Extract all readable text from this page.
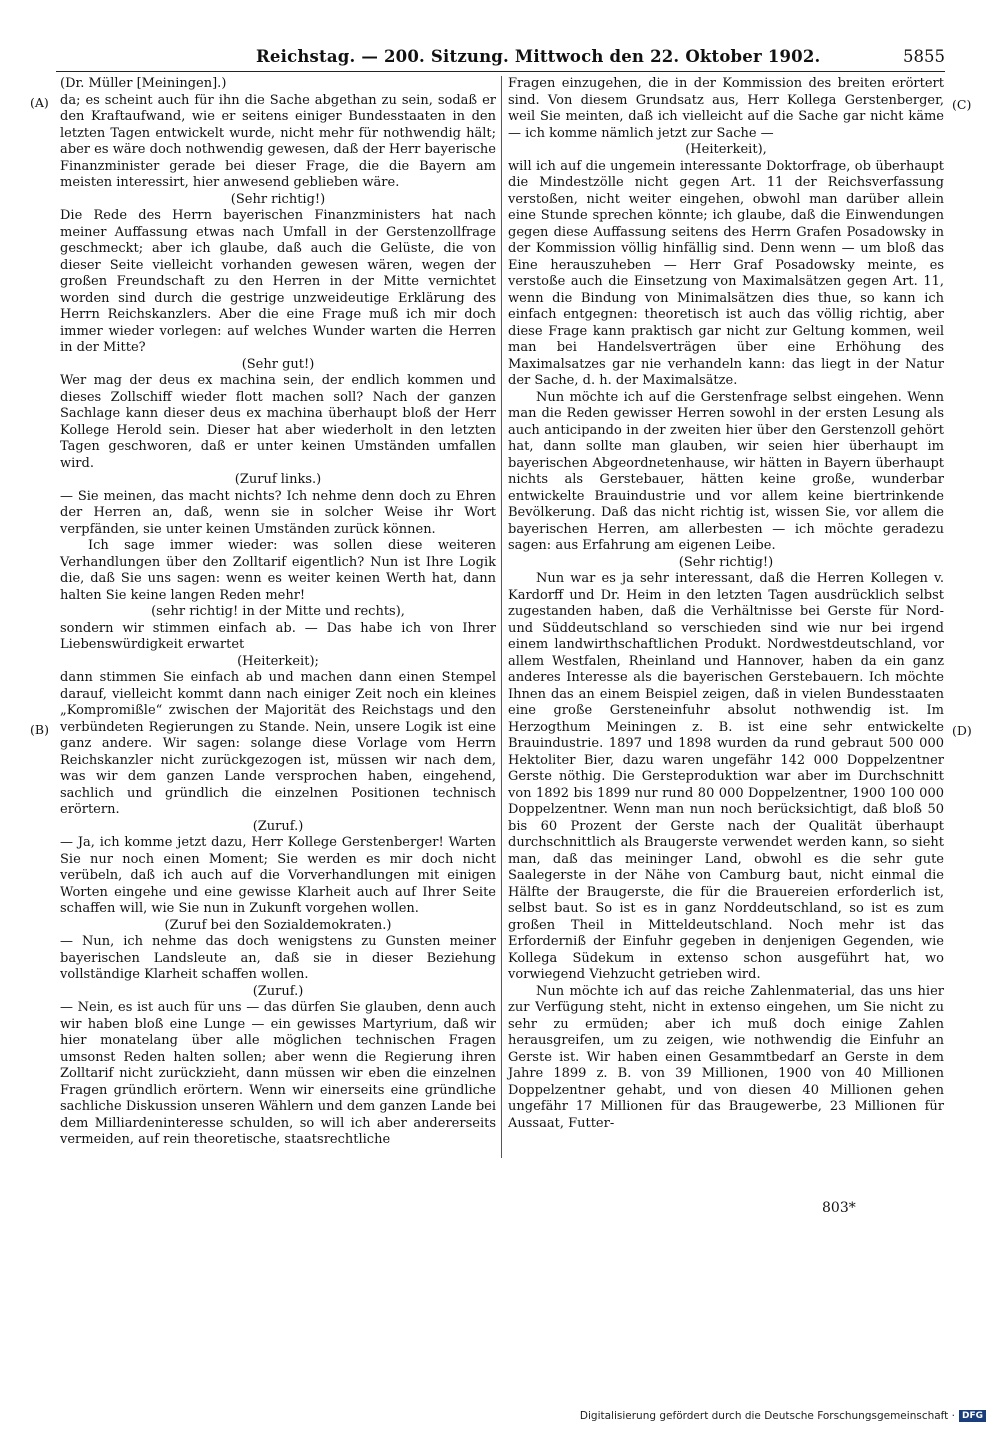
Reichstag. — 200. Sitzung. Mittwoch den 22. Oktober 1902.	5855
(A)
(B)
(C)
(D)

(Dr. Müller [Meiningen].)

da; es scheint auch für ihn die Sache abgethan zu sein, sodaß er den Kraftaufwand, wie er seitens einiger Bundesstaaten in den letzten Tagen entwickelt wurde, nicht mehr für nothwendig hält; aber es wäre doch nothwendig gewesen, daß der Herr bayerische Finanzminister gerade bei dieser Frage, die die Bayern am meisten interessirt, hier anwesend geblieben wäre.

(Sehr richtig!)

Die Rede des Herrn bayerischen Finanzministers hat nach meiner Auffassung etwas nach Umfall in der Gerstenzollfrage geschmeckt; aber ich glaube, daß auch die Gelüste, die von dieser Seite vielleicht vorhanden gewesen wären, wegen der großen Freundschaft zu den Herren in der Mitte vernichtet worden sind durch die gestrige unzweideutige Erklärung des Herrn Reichskanzlers. Aber die eine Frage muß ich mir doch immer wieder vorlegen: auf welches Wunder warten die Herren in der Mitte?

(Sehr gut!)

Wer mag der deus ex machina sein, der endlich kommen und dieses Zollschiff wieder flott machen soll? Nach der ganzen Sachlage kann dieser deus ex machina überhaupt bloß der Herr Kollege Herold sein. Dieser hat aber wiederholt in den letzten Tagen geschworen, daß er unter keinen Umständen umfallen wird.

(Zuruf links.)

— Sie meinen, das macht nichts? Ich nehme denn doch zu Ehren der Herren an, daß, wenn sie in solcher Weise ihr Wort verpfänden, sie unter keinen Umständen zurück können.

Ich sage immer wieder: was sollen diese weiteren Verhandlungen über den Zolltarif eigentlich? Nun ist Ihre Logik die, daß Sie uns sagen: wenn es weiter keinen Werth hat, dann halten Sie keine langen Reden mehr!

(sehr richtig! in der Mitte und rechts),

sondern wir stimmen einfach ab. — Das habe ich von Ihrer Liebenswürdigkeit erwartet

(Heiterkeit);

dann stimmen Sie einfach ab und machen dann einen Stempel darauf, vielleicht kommt dann nach einiger Zeit noch ein kleines „Kompromißle“ zwischen der Majorität des Reichstags und den verbündeten Regierungen zu Stande. Nein, unsere Logik ist eine ganz andere. Wir sagen: solange diese Vorlage vom Herrn Reichskanzler nicht zurückgezogen ist, müssen wir nach dem, was wir dem ganzen Lande versprochen haben, eingehend, sachlich und gründlich die einzelnen Positionen technisch erörtern.

(Zuruf.)

— Ja, ich komme jetzt dazu, Herr Kollege Gerstenberger! Warten Sie nur noch einen Moment; Sie werden es mir doch nicht verübeln, daß ich auch auf die Vorverhandlungen mit einigen Worten eingehe und eine gewisse Klarheit auch auf Ihrer Seite schaffen will, wie Sie nun in Zukunft vorgehen wollen.

(Zuruf bei den Sozialdemokraten.)

— Nun, ich nehme das doch wenigstens zu Gunsten meiner bayerischen Landsleute an, daß sie in dieser Beziehung vollständige Klarheit schaffen wollen.

(Zuruf.)

— Nein, es ist auch für uns — das dürfen Sie glauben, denn auch wir haben bloß eine Lunge — ein gewisses Martyrium, daß wir hier monatelang über alle möglichen technischen Fragen umsonst Reden halten sollen; aber wenn die Regierung ihren Zolltarif nicht zurückzieht, dann müssen wir eben die einzelnen Fragen gründlich erörtern. Wenn wir einerseits eine gründliche sachliche Diskussion unseren Wählern und dem ganzen Lande bei dem Milliardeninteresse schulden, so will ich aber andererseits vermeiden, auf rein theoretische, staatsrechtliche

Fragen einzugehen, die in der Kommission des breiten erörtert sind. Von diesem Grundsatz aus, Herr Kollega Gerstenberger, weil Sie meinten, daß ich vielleicht auf die Sache gar nicht käme — ich komme nämlich jetzt zur Sache —

(Heiterkeit),

will ich auf die ungemein interessante Doktorfrage, ob überhaupt die Mindestzölle nicht gegen Art. 11 der Reichsverfassung verstoßen, nicht weiter eingehen, obwohl man darüber allein eine Stunde sprechen könnte; ich glaube, daß die Einwendungen gegen diese Auffassung seitens des Herrn Grafen Posadowsky in der Kommission völlig hinfällig sind. Denn wenn — um bloß das Eine herauszuheben — Herr Graf Posadowsky meinte, es verstoße auch die Einsetzung von Maximalsätzen gegen Art. 11, wenn die Bindung von Minimalsätzen dies thue, so kann ich einfach entgegnen: theoretisch ist auch das völlig richtig, aber diese Frage kann praktisch gar nicht zur Geltung kommen, weil man bei Handelsverträgen über eine Erhöhung des Maximalsatzes gar nie verhandeln kann: das liegt in der Natur der Sache, d. h. der Maximalsätze.

Nun möchte ich auf die Gerstenfrage selbst eingehen. Wenn man die Reden gewisser Herren sowohl in der ersten Lesung als auch anticipando in der zweiten hier über den Gerstenzoll gehört hat, dann sollte man glauben, wir seien hier überhaupt im bayerischen Abgeordnetenhause, wir hätten in Bayern überhaupt nichts als Gerstebauer, hätten keine große, wunderbar entwickelte Brauindustrie und vor allem keine biertrinkende Bevölkerung. Daß das nicht richtig ist, wissen Sie, vor allem die bayerischen Herren, am allerbesten — ich möchte geradezu sagen: aus Erfahrung am eigenen Leibe.

(Sehr richtig!)

Nun war es ja sehr interessant, daß die Herren Kollegen v. Kardorff und Dr. Heim in den letzten Tagen ausdrücklich selbst zugestanden haben, daß die Verhältnisse bei Gerste für Nord- und Süddeutschland so verschieden sind wie nur bei irgend einem landwirthschaftlichen Produkt. Nordwestdeutschland, vor allem Westfalen, Rheinland und Hannover, haben da ein ganz anderes Interesse als die bayerischen Gerstebauern. Ich möchte Ihnen das an einem Beispiel zeigen, daß in vielen Bundesstaaten eine große Gersteneinfuhr absolut nothwendig ist. Im Herzogthum Meiningen z. B. ist eine sehr entwickelte Brauindustrie. 1897 und 1898 wurden da rund gebraut 500 000 Hektoliter Bier, dazu waren ungefähr 142 000 Doppelzentner Gerste nöthig. Die Gersteproduktion war aber im Durchschnitt von 1892 bis 1899 nur rund 80 000 Doppelzentner, 1900 100 000 Doppelzentner. Wenn man nun noch berücksichtigt, daß bloß 50 bis 60 Prozent der Gerste nach der Qualität überhaupt durchschnittlich als Braugerste verwendet werden kann, so sieht man, daß das meininger Land, obwohl es die sehr gute Saalegerste in der Nähe von Camburg baut, nicht einmal die Hälfte der Braugerste, die für die Brauereien erforderlich ist, selbst baut. So ist es in ganz Norddeutschland, so ist es zum großen Theil in Mitteldeutschland. Noch mehr ist das Erforderniß der Einfuhr gegeben in denjenigen Gegenden, wie Kollega Südekum in extenso schon ausgeführt hat, wo vorwiegend Viehzucht getrieben wird.

Nun möchte ich auf das reiche Zahlenmaterial, das uns hier zur Verfügung steht, nicht in extenso eingehen, um Sie nicht zu sehr zu ermüden; aber ich muß doch einige Zahlen herausgreifen, um zu zeigen, wie nothwendig die Einfuhr an Gerste ist. Wir haben einen Gesammtbedarf an Gerste in dem Jahre 1899 z. B. von 39 Millionen, 1900 von 40 Millionen Doppelzentner gehabt, und von diesen 40 Millionen gehen ungefähr 17 Millionen für das Braugewerbe, 23 Millionen für Aussaat, Futter-

803*
Digitalisierung gefördert durch die Deutsche Forschungsgemeinschaft · DFG
